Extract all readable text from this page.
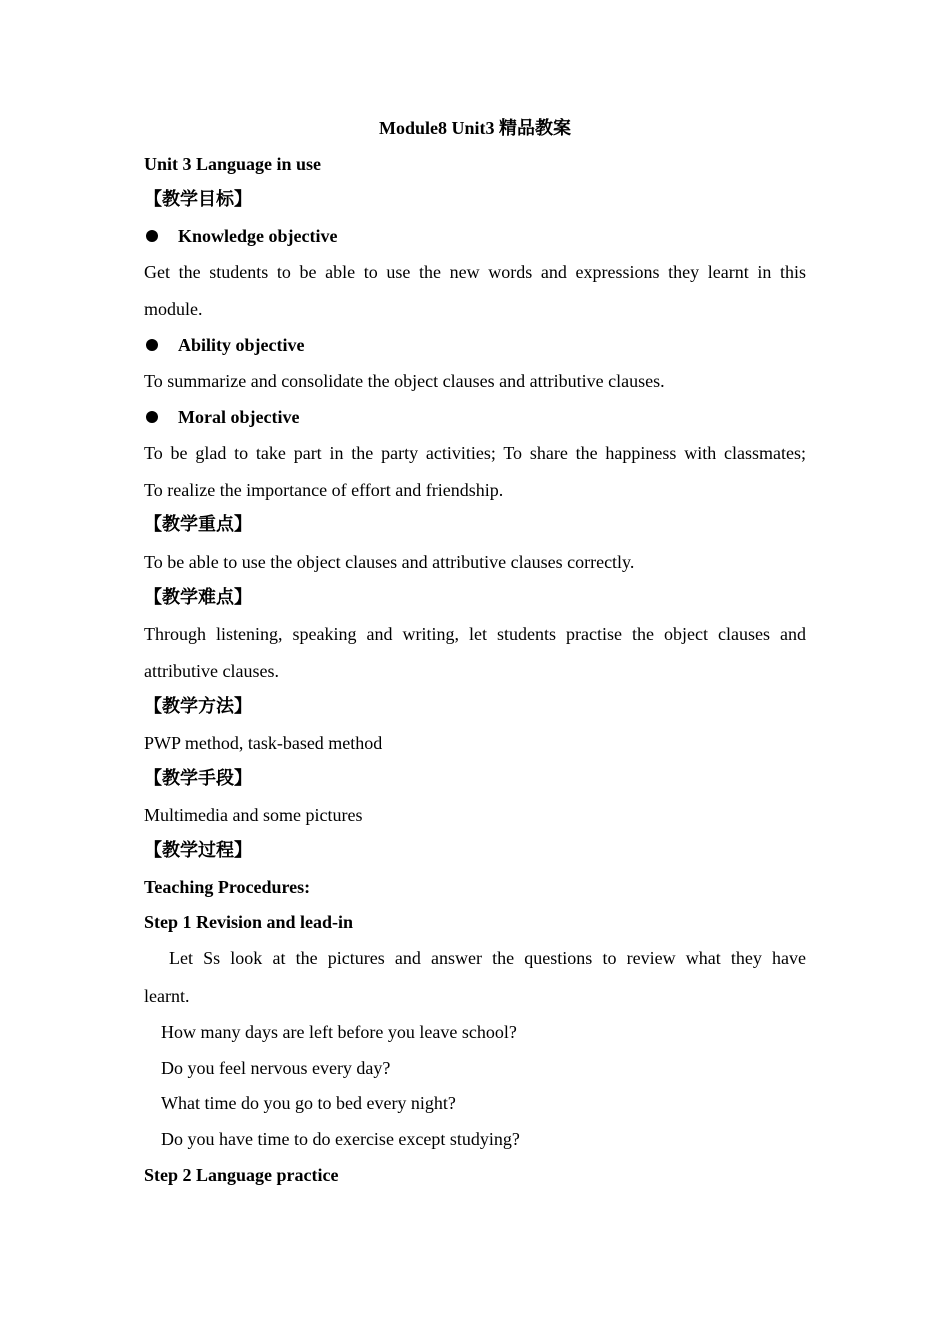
Module8 Unit3 精品教案
Unit 3 Language in use
【教学目标】
Knowledge objective
Get the students to be able to use the new words and expressions they learnt in this
module.
Ability objective
To summarize and consolidate the object clauses and attributive clauses.
Moral objective
To be glad to take part in the party activities; To share the happiness with classmates;
To realize the importance of effort and friendship.
【教学重点】
To be able to use the object clauses and attributive clauses correctly.
【教学难点】
Through listening, speaking and writing, let students practise the object clauses and
attributive clauses.
【教学方法】
PWP method, task-based method
【教学手段】
Multimedia and some pictures
【教学过程】
Teaching Procedures:
Step 1 Revision and lead-in
Let Ss look at the pictures and answer the questions to review what they have
learnt.
How many days are left before you leave school?
Do you feel nervous every day?
What time do you go to bed every night?
Do you have time to do exercise except studying?
Step 2 Language practice
